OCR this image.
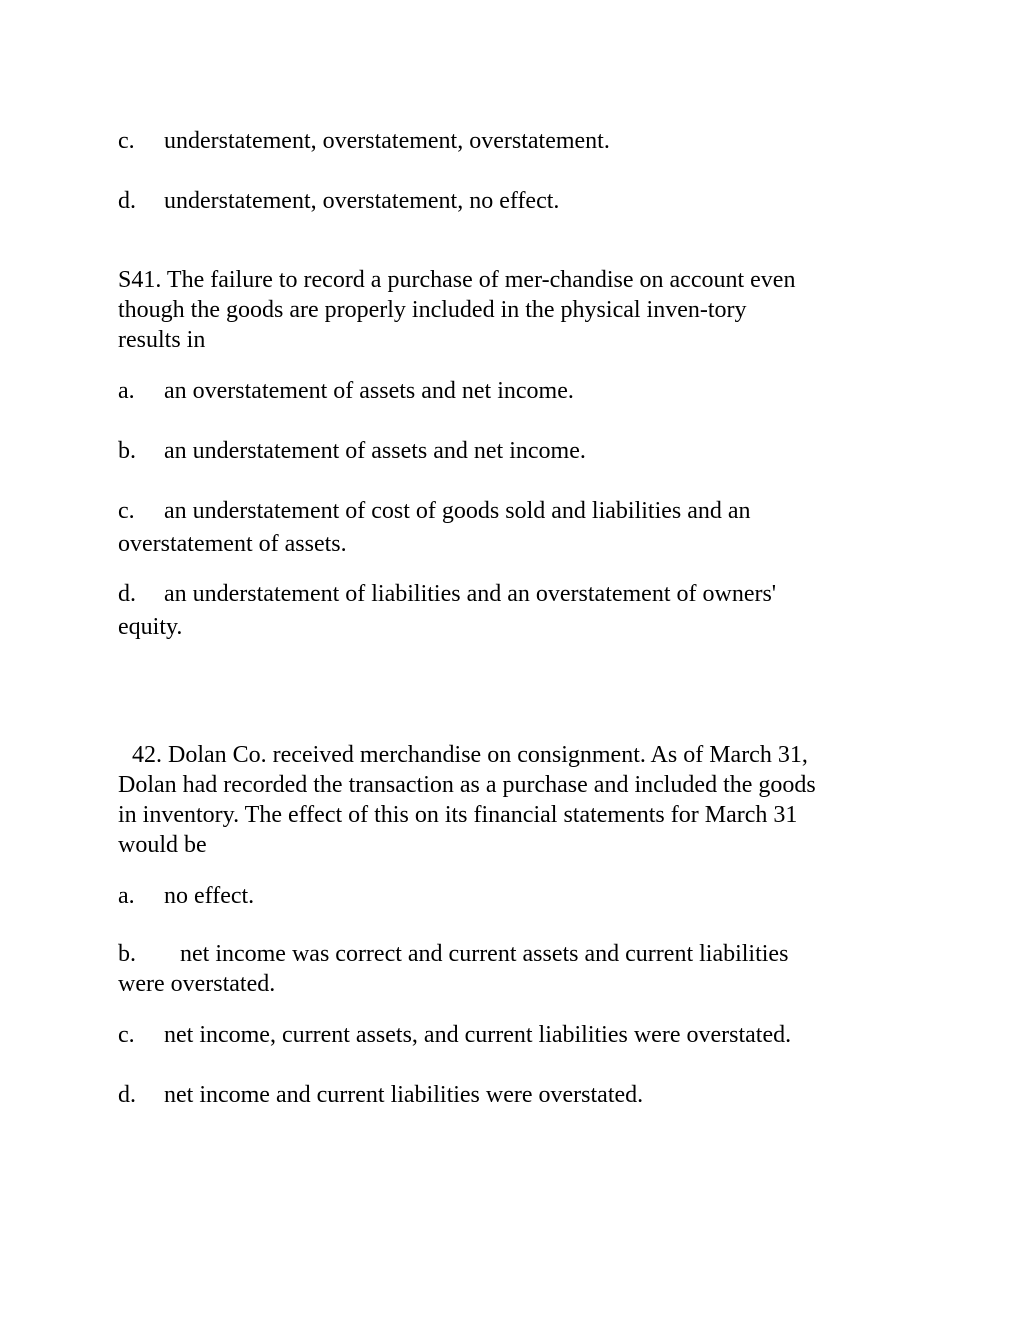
c. understatement, overstatement, overstatement.

d. understatement, overstatement, no effect.

S41. The failure to record a purchase of mer-chandise on account even

though the goods are properly included in the physical inven-tory

results in

a. an overstatement of assets and net income.

b. an understatement of assets and net income.

c. an understatement of cost of goods sold and liabilities and an

overstatement of assets.

d. an understatement of liabilities and an overstatement of owners'

equity.

42. Dolan Co. received merchandise on consignment. As of March 31,

Dolan had recorded the transaction as a purchase and included the goods

in inventory. The effect of this on its financial statements for March 31

would be

a. no effect.

b. net income was correct and current assets and current liabilities

were overstated.

c. net income, current assets, and current liabilities were overstated.

d. net income and current liabilities were overstated.
